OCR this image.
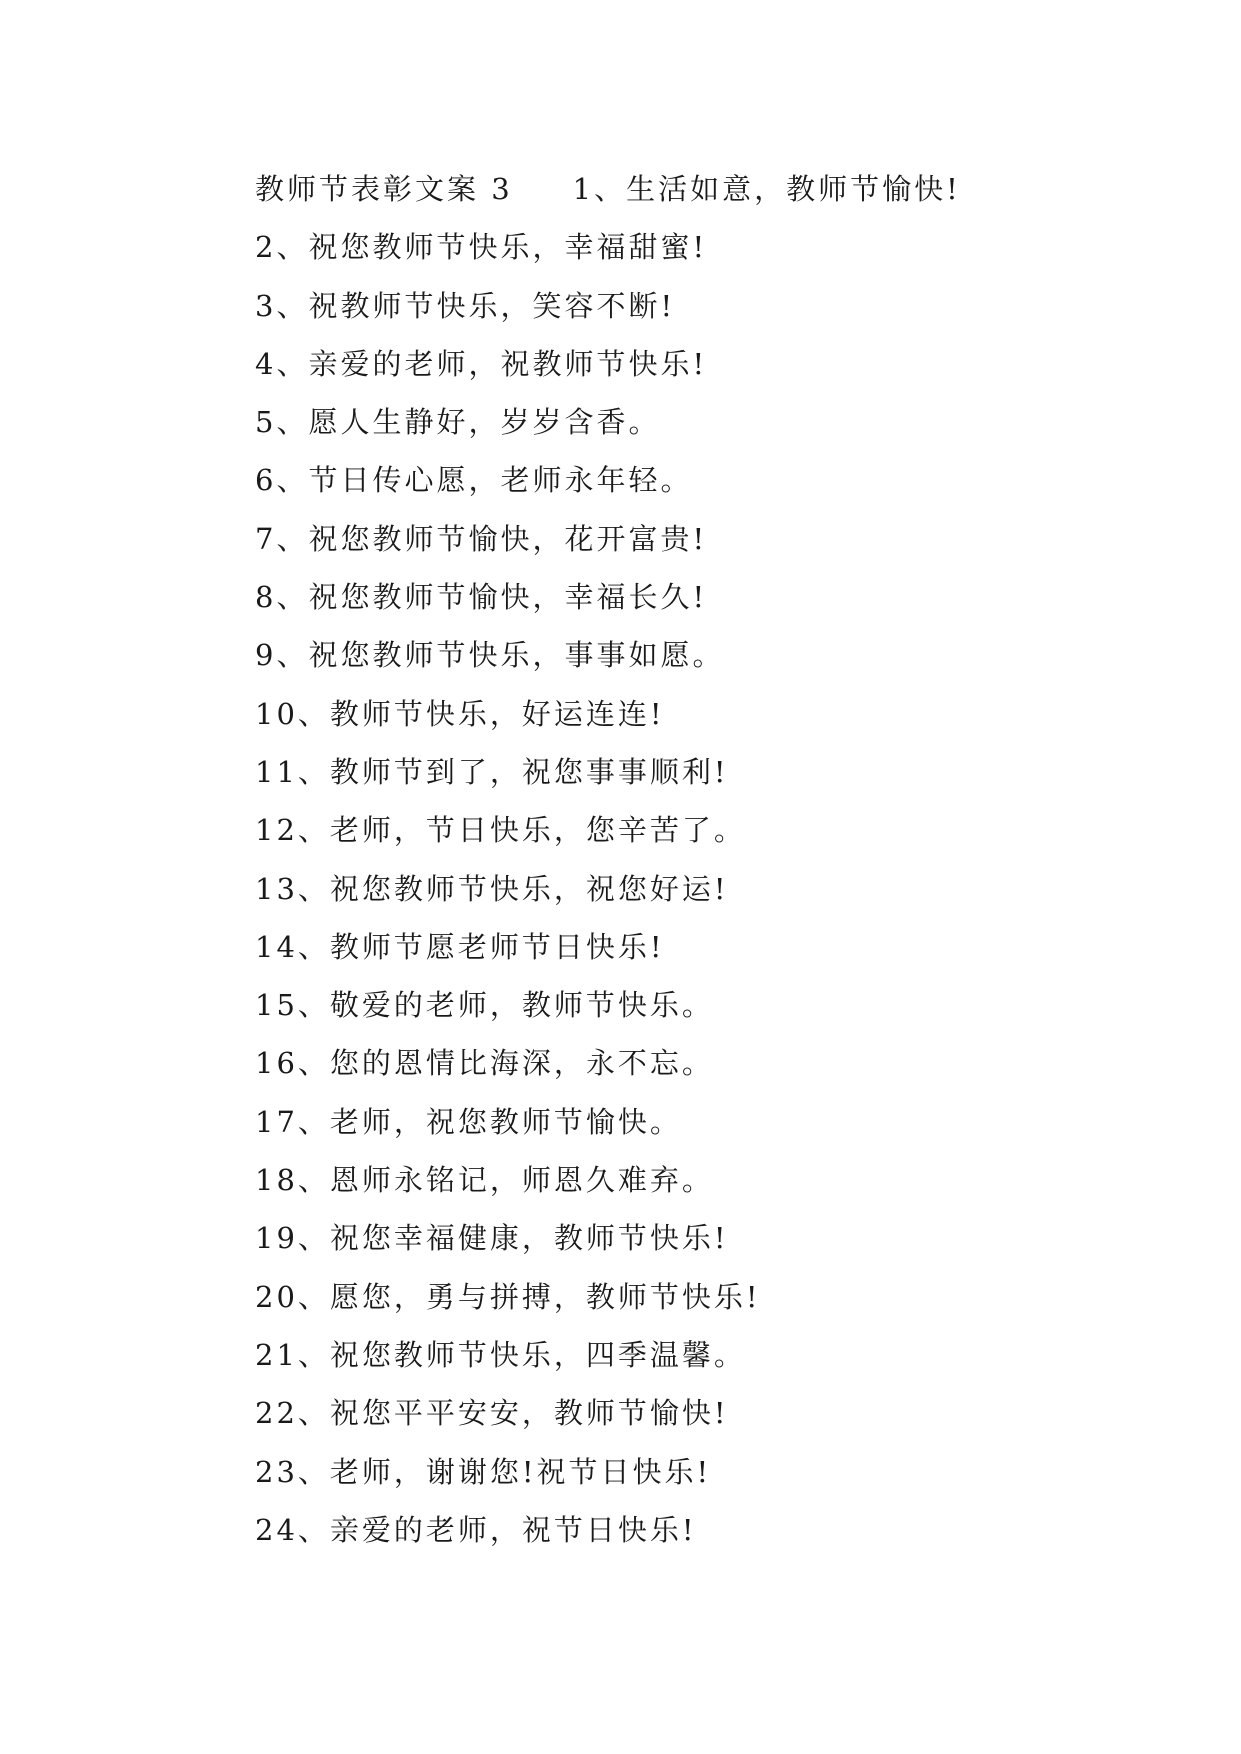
教师节表彰文案 3 1、生活如意，教师节愉快!
2、祝您教师节快乐，幸福甜蜜!
3、祝教师节快乐，笑容不断!
4、亲爱的老师，祝教师节快乐!
5、愿人生静好，岁岁含香。
6、节日传心愿，老师永年轻。
7、祝您教师节愉快，花开富贵!
8、祝您教师节愉快，幸福长久!
9、祝您教师节快乐，事事如愿。
10、教师节快乐，好运连连!
11、教师节到了，祝您事事顺利!
12、老师，节日快乐，您辛苦了。
13、祝您教师节快乐，祝您好运!
14、教师节愿老师节日快乐!
15、敬爱的老师，教师节快乐。
16、您的恩情比海深，永不忘。
17、老师，祝您教师节愉快。
18、恩师永铭记，师恩久难弃。
19、祝您幸福健康，教师节快乐!
20、愿您，勇与拼搏，教师节快乐!
21、祝您教师节快乐，四季温馨。
22、祝您平平安安，教师节愉快!
23、老师，谢谢您!祝节日快乐!
24、亲爱的老师，祝节日快乐!
